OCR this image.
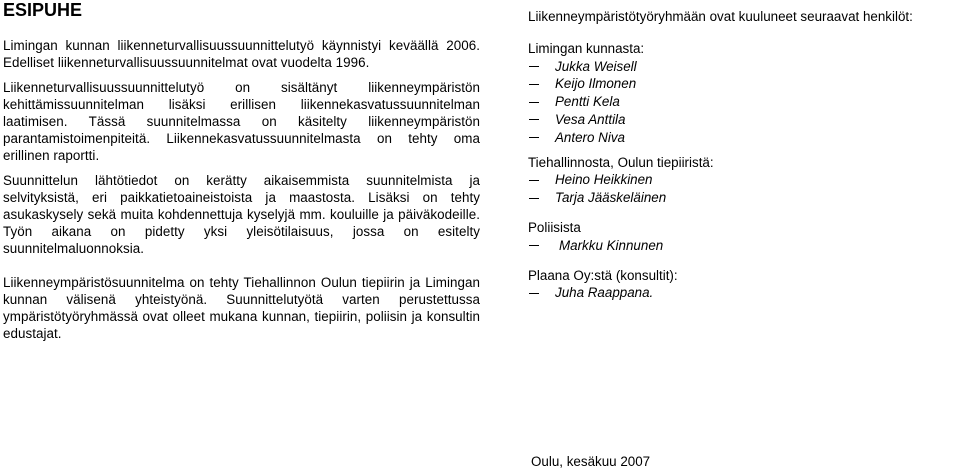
ESIPUHE

Limingan kunnan liikenneturvallisuussuunnittelutyö käynnistyi keväällä 2006. Edelliset liikenneturvallisuussuunnitelmat ovat vuodelta 1996.

Liikenneturvallisuussuunnittelutyö on sisältänyt liikenneympäristön kehittämissuunnitelman lisäksi erillisen liikennekasvatussuunnitelman laatimisen. Tässä suunnitelmassa on käsitelty liikenneympäristön parantamistoimenpiteitä. Liikennekasvatussuunnitelmasta on tehty oma erillinen raportti.

Suunnittelun lähtötiedot on kerätty aikaisemmista suunnitelmista ja selvityksistä, eri paikkatietoaineistoista ja maastosta. Lisäksi on tehty asukaskysely sekä muita kohdennettuja kyselyjä mm. kouluille ja päiväkodeille. Työn aikana on pidetty yksi yleisötilaisuus, jossa on esitelty suunnitelmaluonnoksia.

Liikenneympäristösuunnitelma on tehty Tiehallinnon Oulun tiepiirin ja Limingan kunnan välisenä yhteistyönä. Suunnittelutyötä varten perustettussa ympäristötyöryhmässä ovat olleet mukana kunnan, tiepiirin, poliisin ja konsultin edustajat.

Liikenneympäristötyöryhmään ovat kuuluneet seuraavat henkilöt:

Limingan kunnasta:

Jukka Weisell
Keijo Ilmonen
Pentti Kela
Vesa Anttila
Antero Niva

Tiehallinnosta, Oulun tiepiiristä:

Heino Heikkinen
Tarja Jääskeläinen

Poliisista

Markku Kinnunen

Plaana Oy:stä (konsultit):

Juha Raappana.
Oulu, kesäkuu 2007
